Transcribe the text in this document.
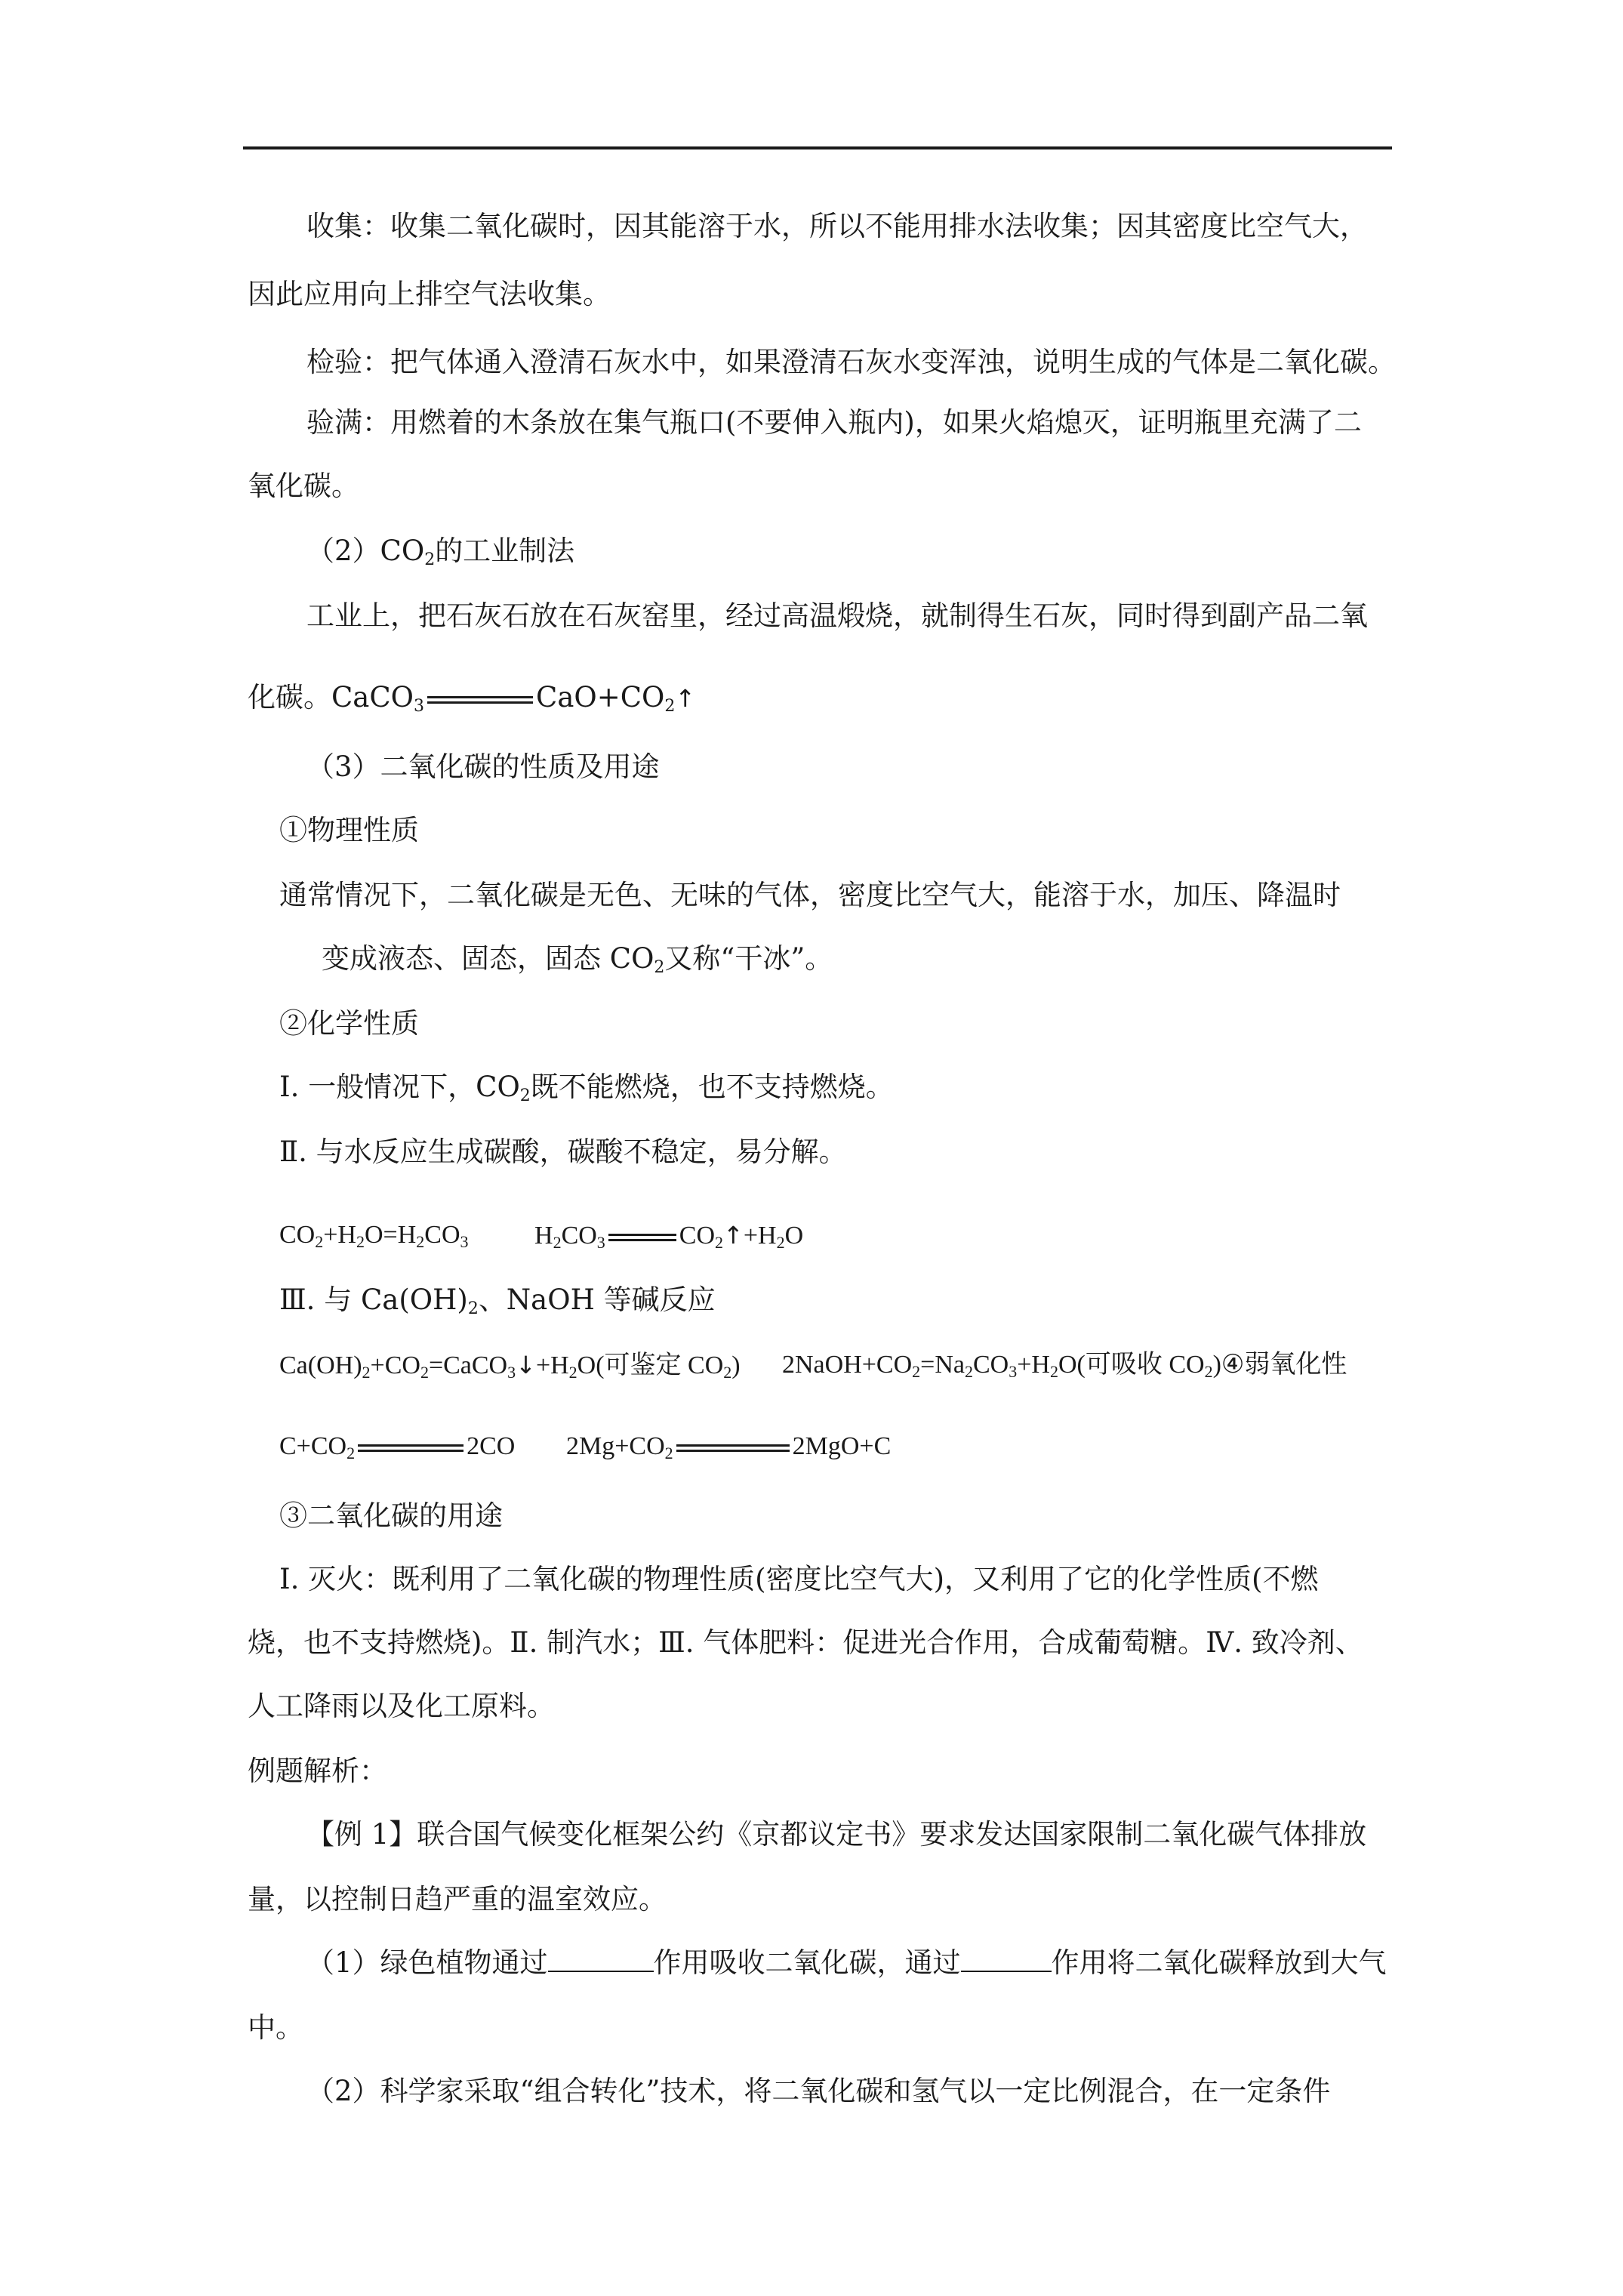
收集：收集二氧化碳时，因其能溶于水，所以不能用排水法收集；因其密度比空气大，
因此应用向上排空气法收集。
检验：把气体通入澄清石灰水中，如果澄清石灰水变浑浊，说明生成的气体是二氧化碳。
验满：用燃着的木条放在集气瓶口(不要伸入瓶内)，如果火焰熄灭，证明瓶里充满了二
氧化碳。
$(2)CO_2$的工业制法
工业上，把石灰石放在石灰窑里，经过高温煅烧，就制得生石灰，同时得到副产品二氧
化碳。CaCO$_3$	$CaO+CO_2↑$
（3）二氧化碳的性质及用途
①物理性质
通常情况下，二氧化碳是无色、无味的气体，密度比空气大，能溶于水，加压、降温时
变成液态、固态，固态 $CO_2$又称“干冰”。
②化学性质
Ⅰ. 一般情况下，$CO_2$既不能燃烧，也不支持燃烧。
Ⅱ. 与水反应生成碳酸，碳酸不稳定，易分解。
$CO_2+H_2O=H_2CO_3$	$H_2CO_3$	$CO_2↑+H_2O$
Ⅲ. 与 $Ca(OH)_2$、NaOH 等碱反应
$Ca(OH)_2+CO_2=CaCO_3↓+H_2O$(可鉴定 $CO_2$) $2NaOH+CO_2=Na_2CO_3+H_2O$(可吸收 $CO_2)④$弱氧化性
$C+CO_2$	2CO $2Mg+CO_2$	2MgO+C
③二氧化碳的用途
Ⅰ. 灭火：既利用了二氧化碳的物理性质(密度比空气大)，又利用了它的化学性质(不燃
烧，也不支持燃烧)。Ⅱ. 制汽水；Ⅲ. 气体肥料：促进光合作用，合成葡萄糖。Ⅳ. 致冷剂、
人工降雨以及化工原料。
例题解析：
【例 1】联合国气候变化框架公约《京都议定书》要求发达国家限制二氧化碳气体排放
量，以控制日趋严重的温室效应。
（1）绿色植物通过	作用吸收二氧化碳，通过	作用将二氧化碳释放到大气
中。
（2）科学家采取“组合转化”技术，将二氧化碳和氢气以一定比例混合，在一定条件
